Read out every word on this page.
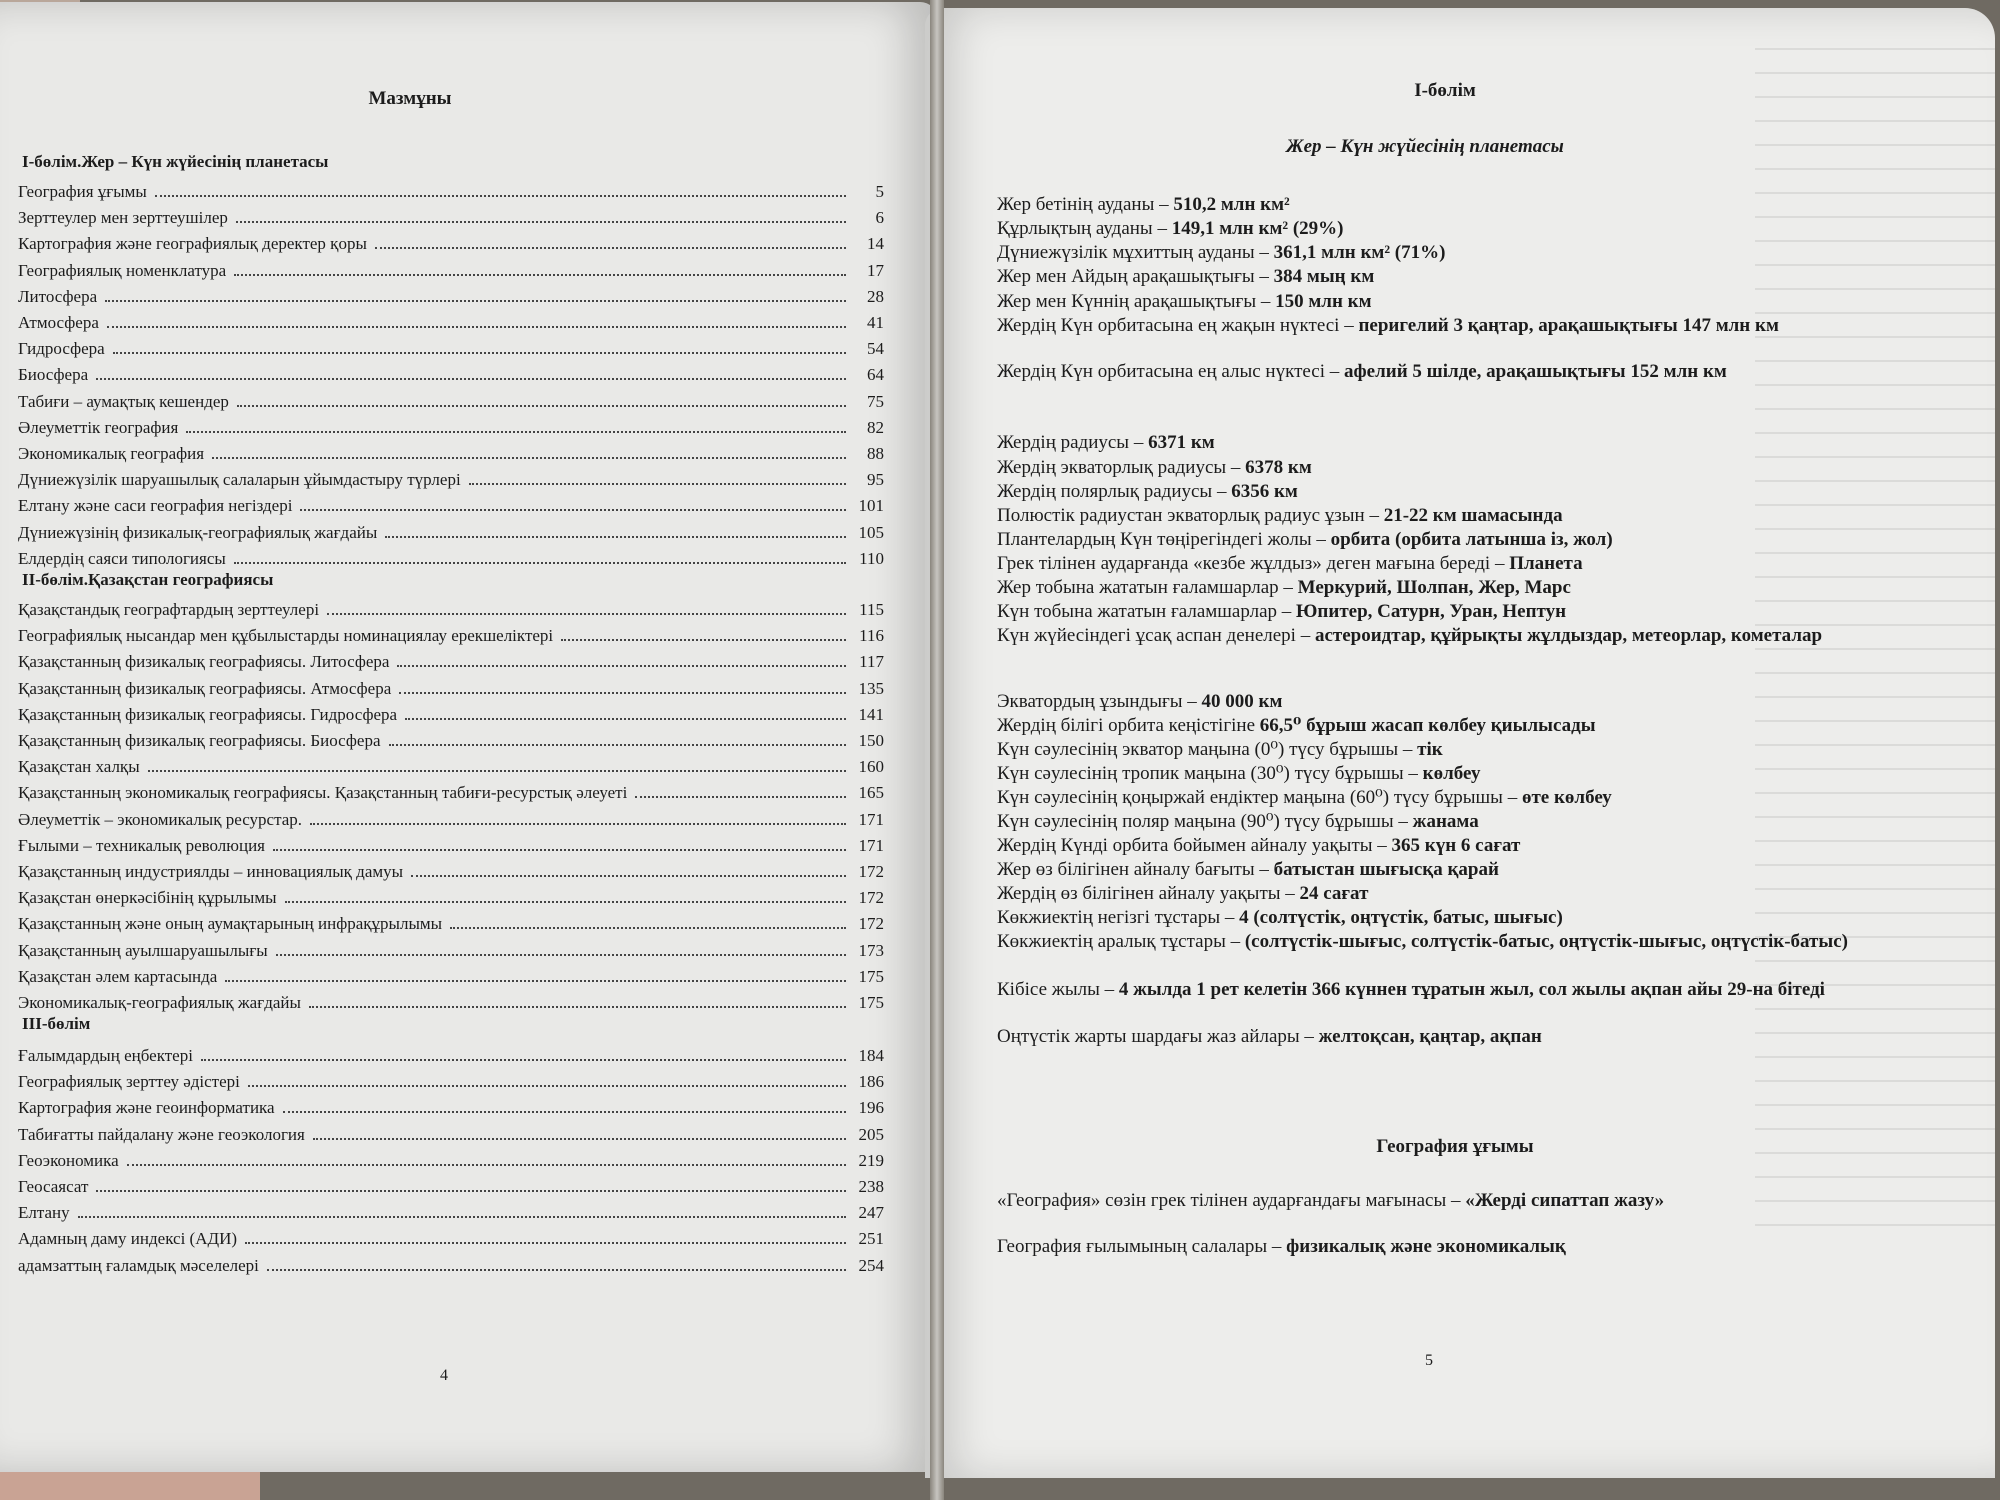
Мазмұны
I-бөлім.Жер – Күн жүйесінің планетасы
География ұғымы	5
Зерттеулер мен зерттеушілер	6
Картография және географиялық деректер қоры	14
Географиялық номенклатура	17
Литосфера	28
Атмосфера	41
Гидросфера	54
Биосфера	64
Табиғи – аумақтық кешендер	75
Әлеуметтік география	82
Экономикалық география	88
Дүниежүзілік шаруашылық салаларын ұйымдастыру түрлері	95
Елтану және саси география негіздері	101
Дүниежүзінің физикалық-географиялық жағдайы	105
Елдердің саяси типологиясы	110
II-бөлім.Қазақстан географиясы
Қазақстандық географтардың зерттеулері	115
Географиялық нысандар мен құбылыстарды номинациялау ерекшеліктері	116
Қазақстанның физикалық географиясы. Литосфера	117
Қазақстанның физикалық географиясы. Атмосфера	135
Қазақстанның физикалық географиясы. Гидросфера	141
Қазақстанның физикалық географиясы. Биосфера	150
Қазақстан халқы	160
Қазақстанның экономикалық географиясы. Қазақстанның табиғи-ресурстық әлеуеті	165
Әлеуметтік – экономикалық ресурстар.	171
Ғылыми – техникалық революция	171
Қазақстанның индустриялды – инновациялық дамуы	172
Қазақстан өнеркәсібінің құрылымы	172
Қазақстанның және оның аумақтарының инфрақұрылымы	172
Қазақстанның ауылшаруашылығы	173
Қазақстан әлем картасында	175
Экономикалық-географиялық жағдайы	175
III-бөлім
Ғалымдардың еңбектері	184
Географиялық зерттеу әдістері	186
Картография және геоинформатика	196
Табиғатты пайдалану және геоэкология	205
Геоэкономика	219
Геосаясат	238
Елтану	247
Адамның даму индексі (АДИ)	251
адамзаттың ғаламдық мәселелері	254
4
I-бөлім
Жер – Күн жүйесінің планетасы
Жер бетінің ауданы – 510,2 млн км²
Құрлықтың ауданы – 149,1 млн км² (29%)
Дүниежүзілік мұхиттың ауданы – 361,1 млн км² (71%)
Жер мен Айдың арақашықтығы – 384 мың км
Жер мен Күннің арақашықтығы – 150 млн км
Жердің Күн орбитасына ең жақын нүктесі – перигелий 3 қаңтар, арақашықтығы 147 млн км
Жердің Күн орбитасына ең алыс нүктесі – афелий 5 шілде, арақашықтығы 152 млн км
Жердің радиусы – 6371 км
Жердің экваторлық радиусы – 6378 км
Жердің полярлық радиусы – 6356 км
Полюстік радиустан экваторлық радиус ұзын – 21-22 км шамасында
Плантелардың Күн төңірегіндегі жолы – орбита (орбита латынша із, жол)
Грек тілінен аударғанда «кезбе жұлдыз» деген мағына береді – Планета
Жер тобына жататын ғаламшарлар – Меркурий, Шолпан, Жер, Марс
Күн тобына жататын ғаламшарлар – Юпитер, Сатурн, Уран, Нептун
Күн жүйесіндегі ұсақ аспан денелері – астероидтар, құйрықты жұлдыздар, метеорлар, кометалар
Экватордың ұзындығы – 40 000 км
Жердің білігі орбита кеңістігіне 66,5⁰ бұрыш жасап көлбеу қиылысады
Күн сәулесінің экватор маңына (0⁰) түсу бұрышы – тік
Күн сәулесінің тропик маңына (30⁰) түсу бұрышы – көлбеу
Күн сәулесінің қоңыржай ендіктер маңына (60⁰) түсу бұрышы – өте көлбеу
Күн сәулесінің поляр маңына (90⁰) түсу бұрышы – жанама
Жердің Күнді орбита бойымен айналу уақыты – 365 күн 6 сағат
Жер өз білігінен айналу бағыты – батыстан шығысқа қарай
Жердің өз білігінен айналу уақыты – 24 сағат
Көкжиектің негізгі тұстары – 4 (солтүстік, оңтүстік, батыс, шығыс)
Көкжиектің аралық тұстары – (солтүстік-шығыс, солтүстік-батыс, оңтүстік-шығыс, оңтүстік-батыс)
Кібісе жылы – 4 жылда 1 рет келетін 366 күннен тұратын жыл, сол жылы ақпан айы 29-на бітеді
Оңтүстік жарты шардағы жаз айлары – желтоқсан, қаңтар, ақпан
География ұғымы
«География» сөзін грек тілінен аударғандағы мағынасы – «Жерді сипаттап жазу»
География ғылымының салалары – физикалық және экономикалық
5
